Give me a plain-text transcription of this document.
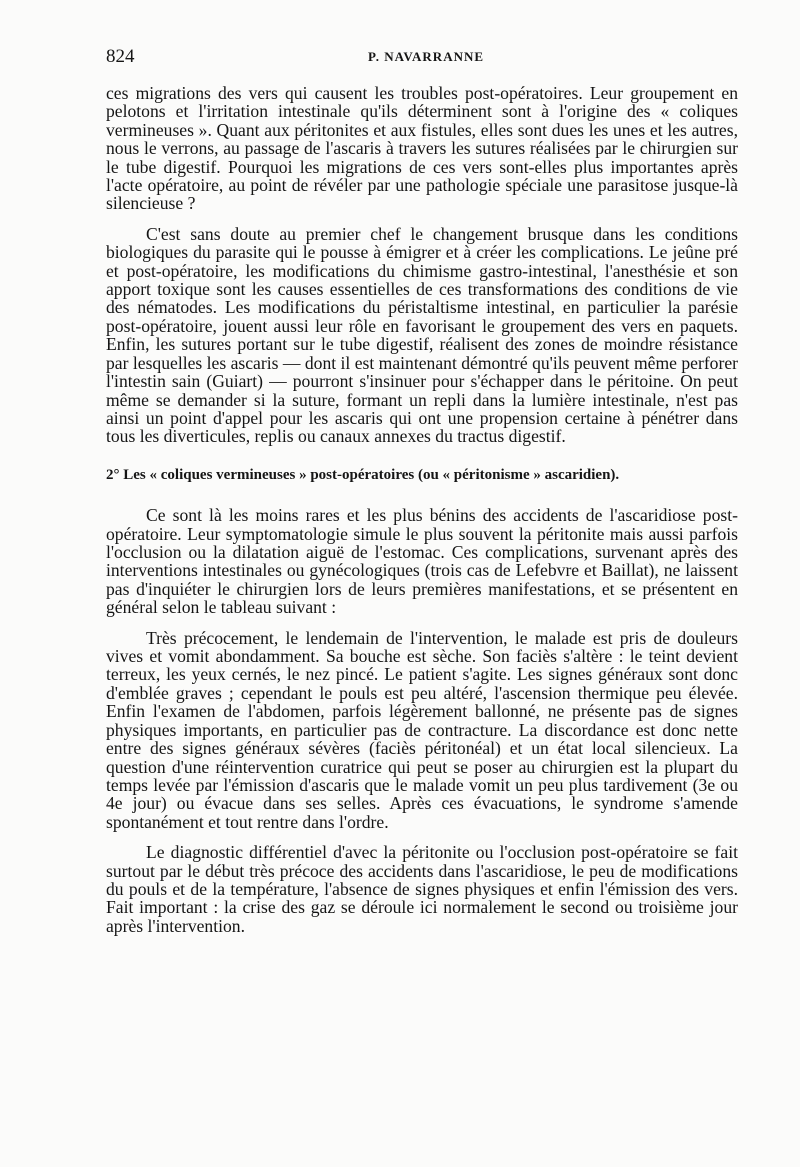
824	P. NAVARRANNE

ces migrations des vers qui causent les troubles post-opératoires. Leur groupement en pelotons et l'irritation intestinale qu'ils déterminent sont à l'origine des « coliques vermineuses ». Quant aux péritonites et aux fistules, elles sont dues les unes et les autres, nous le verrons, au passage de l'ascaris à travers les sutures réalisées par le chirurgien sur le tube digestif. Pourquoi les migrations de ces vers sont-elles plus importantes après l'acte opératoire, au point de révéler par une pathologie spéciale une parasitose jusque-là silencieuse ?

C'est sans doute au premier chef le changement brusque dans les conditions biologiques du parasite qui le pousse à émigrer et à créer les complications. Le jeûne pré et post-opératoire, les modifications du chimisme gastro-intestinal, l'anesthésie et son apport toxique sont les causes essentielles de ces transformations des conditions de vie des nématodes. Les modifications du péristaltisme intestinal, en particulier la parésie post-opératoire, jouent aussi leur rôle en favorisant le groupement des vers en paquets. Enfin, les sutures portant sur le tube digestif, réalisent des zones de moindre résistance par lesquelles les ascaris — dont il est maintenant démontré qu'ils peuvent même perforer l'intestin sain (Guiart) — pourront s'insinuer pour s'échapper dans le péritoine. On peut même se demander si la suture, formant un repli dans la lumière intestinale, n'est pas ainsi un point d'appel pour les ascaris qui ont une propension certaine à pénétrer dans tous les diverticules, replis ou canaux annexes du tractus digestif.

2° Les « coliques vermineuses » post-opératoires (ou « péritonisme » ascaridien).

Ce sont là les moins rares et les plus bénins des accidents de l'ascaridiose post-opératoire. Leur symptomatologie simule le plus souvent la péritonite mais aussi parfois l'occlusion ou la dilatation aiguë de l'estomac. Ces complications, survenant après des interventions intestinales ou gynécologiques (trois cas de Lefebvre et Baillat), ne laissent pas d'inquiéter le chirurgien lors de leurs premières manifestations, et se présentent en général selon le tableau suivant :

Très précocement, le lendemain de l'intervention, le malade est pris de douleurs vives et vomit abondamment. Sa bouche est sèche. Son faciès s'altère : le teint devient terreux, les yeux cernés, le nez pincé. Le patient s'agite. Les signes généraux sont donc d'emblée graves ; cependant le pouls est peu altéré, l'ascension thermique peu élevée. Enfin l'examen de l'abdomen, parfois légèrement ballonné, ne présente pas de signes physiques importants, en particulier pas de contracture. La discordance est donc nette entre des signes généraux sévères (faciès péritonéal) et un état local silencieux. La question d'une réintervention curatrice qui peut se poser au chirurgien est la plupart du temps levée par l'émission d'ascaris que le malade vomit un peu plus tardivement (3e ou 4e jour) ou évacue dans ses selles. Après ces évacuations, le syndrome s'amende spontanément et tout rentre dans l'ordre.

Le diagnostic différentiel d'avec la péritonite ou l'occlusion post-opératoire se fait surtout par le début très précoce des accidents dans l'ascaridiose, le peu de modifications du pouls et de la température, l'absence de signes physiques et enfin l'émission des vers. Fait important : la crise des gaz se déroule ici normalement le second ou troisième jour après l'intervention.
